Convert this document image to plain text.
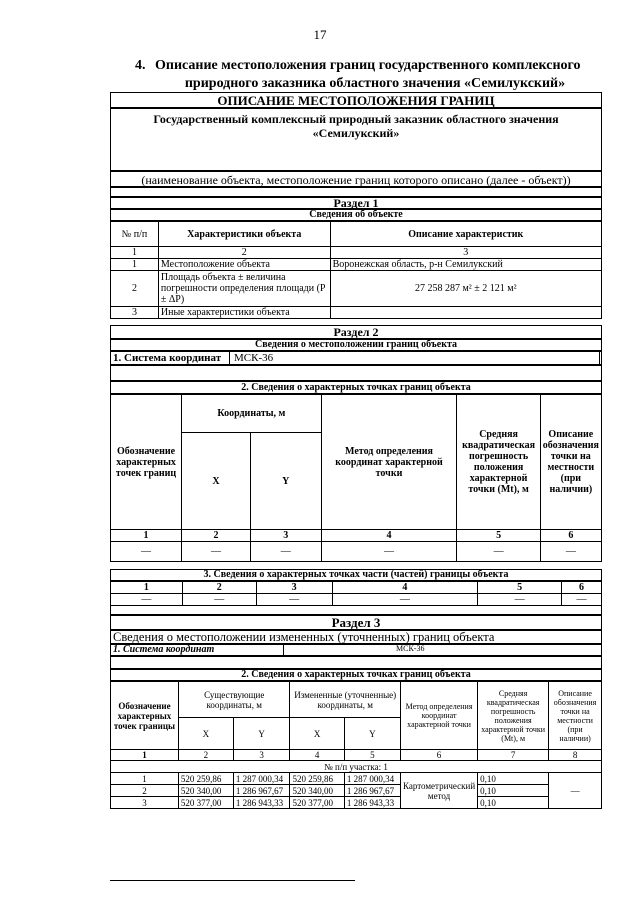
17
4. Описание местоположения границ государственного комплексного
природного заказника областного значения «Семилукский»
ОПИСАНИЕ МЕСТОПОЛОЖЕНИЯ ГРАНИЦ
Государственный комплексный природный заказник областного значения
«Семилукский»
(наименование объекта, местоположение границ которого описано (далее - объект))
Раздел 1
Сведения об объекте
№ п/п	Характеристики объекта	Описание характеристик
1	2	3
1	Местоположение объекта	Воронежская область, р-н Семилукский
2	Площадь объекта ± величина погрешности определения площади (P ± ΔP)	27 258 287 м² ± 2 121 м²
3	Иные характеристики объекта	
Раздел 2
Сведения о местоположении границ объекта
1. Система координат МСК-36
2. Сведения о характерных точках границ объекта
Обозначение характерных точек границ	Координаты, м		Метод определения координат характерной точки	Средняя квадратическая погрешность положения характерной точки (Mt), м	Описание обозначения точки на местности (при наличии)
	X	Y			
1	2	3	4	5	6
—	—	—	—	—	—
3. Сведения о характерных точках части (частей) границы объекта
1	2	3	4	5	6
—	—	—	—	—	—
Раздел 3
Сведения о местоположении измененных (уточненных) границ объекта
1. Система координат	МСК-36
2. Сведения о характерных точках границ объекта
Обозначение характерных точек границы	Существующие координаты, м		Измененные (уточненные) координаты, м		Метод определения координат характерной точки	Средняя квадратическая погрешность положения характерной точки (Mt), м	Описание обозначения точки на местности (при наличии)
	X	Y	X	Y			
1	2	3	4	5	6	7	8
№ п/п участка: 1							
1	520 259,86	1 287 000,34	520 259,86	1 287 000,34	Картометрический метод	0,10	—
2	520 340,00	1 286 967,67	520 340,00	1 286 967,67		0,10	
3	520 377,00	1 286 943,33	520 377,00	1 286 943,33		0,10	
